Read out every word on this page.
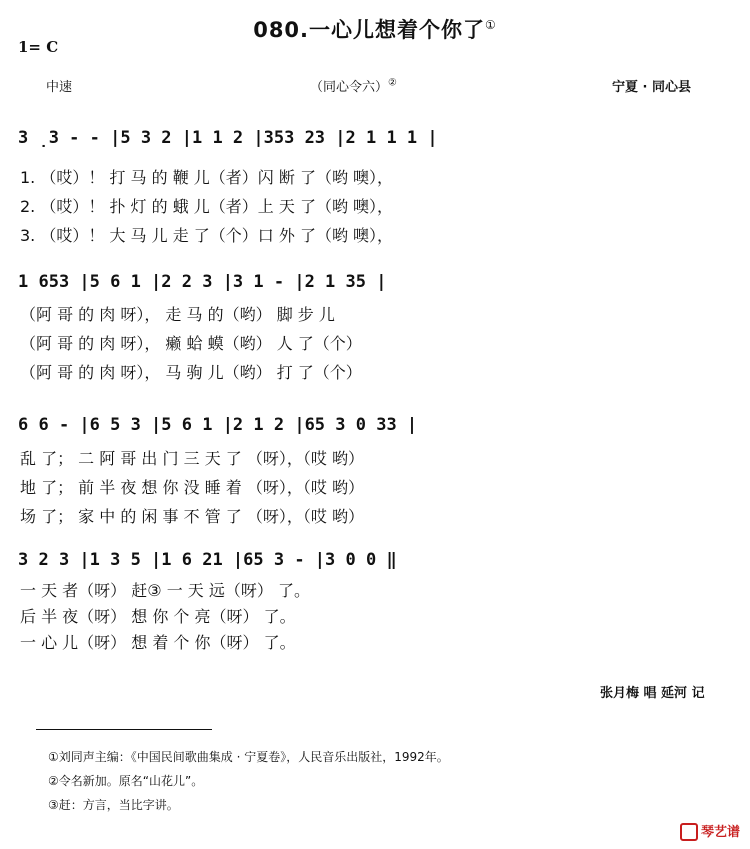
080.一心儿想着个你了①
1= C
中速	（同心令六）②	宁夏 · 同心县
3 ̣3 - - |5 3 2 |1 1 2 |353 23 |2 1 1 1 |
1. （哎）！ 打 马 的 鞭 儿（者）闪 断 了（哟 噢），
2. （哎）！ 扑 灯 的 蛾 儿（者）上 天 了（哟 噢），
3. （哎）！ 大 马 儿 走 了（个）口 外 了（哟 噢），
1 653 |5 6 1 |2 2 3 |3 1 - |2 1 35 |
（阿 哥 的 肉 呀）， 走 马 的（哟） 脚 步 儿
（阿 哥 的 肉 呀）， 癞 蛤 蟆（哟） 人 了（个）
（阿 哥 的 肉 呀）， 马 驹 儿（哟） 打 了（个）
6 6 - |6 5 3 |5 6 1 |2 1 2 |65 3 0 33 |
乱 了； 二 阿 哥 出 门 三 天 了 （呀），（哎 哟）
地 了； 前 半 夜 想 你 没 睡 着 （呀），（哎 哟）
场 了； 家 中 的 闲 事 不 管 了 （呀），（哎 哟）
3 2 3 |1 3 5 |1 6 21 |65 3 - |3 0 0 ‖
一 天 者（呀） 赶③ 一 天 远（呀） 了。
后 半 夜（呀） 想 你 个 亮（呀） 了。
一 心 儿（呀） 想 着 个 你（呀） 了。
张月梅 唱 延河 记
①刘同声主编：《中国民间歌曲集成 · 宁夏卷》，人民音乐出版社，1992年。
②令名新加。原名“山花儿”。
③赶：方言，当比字讲。
琴艺谱
